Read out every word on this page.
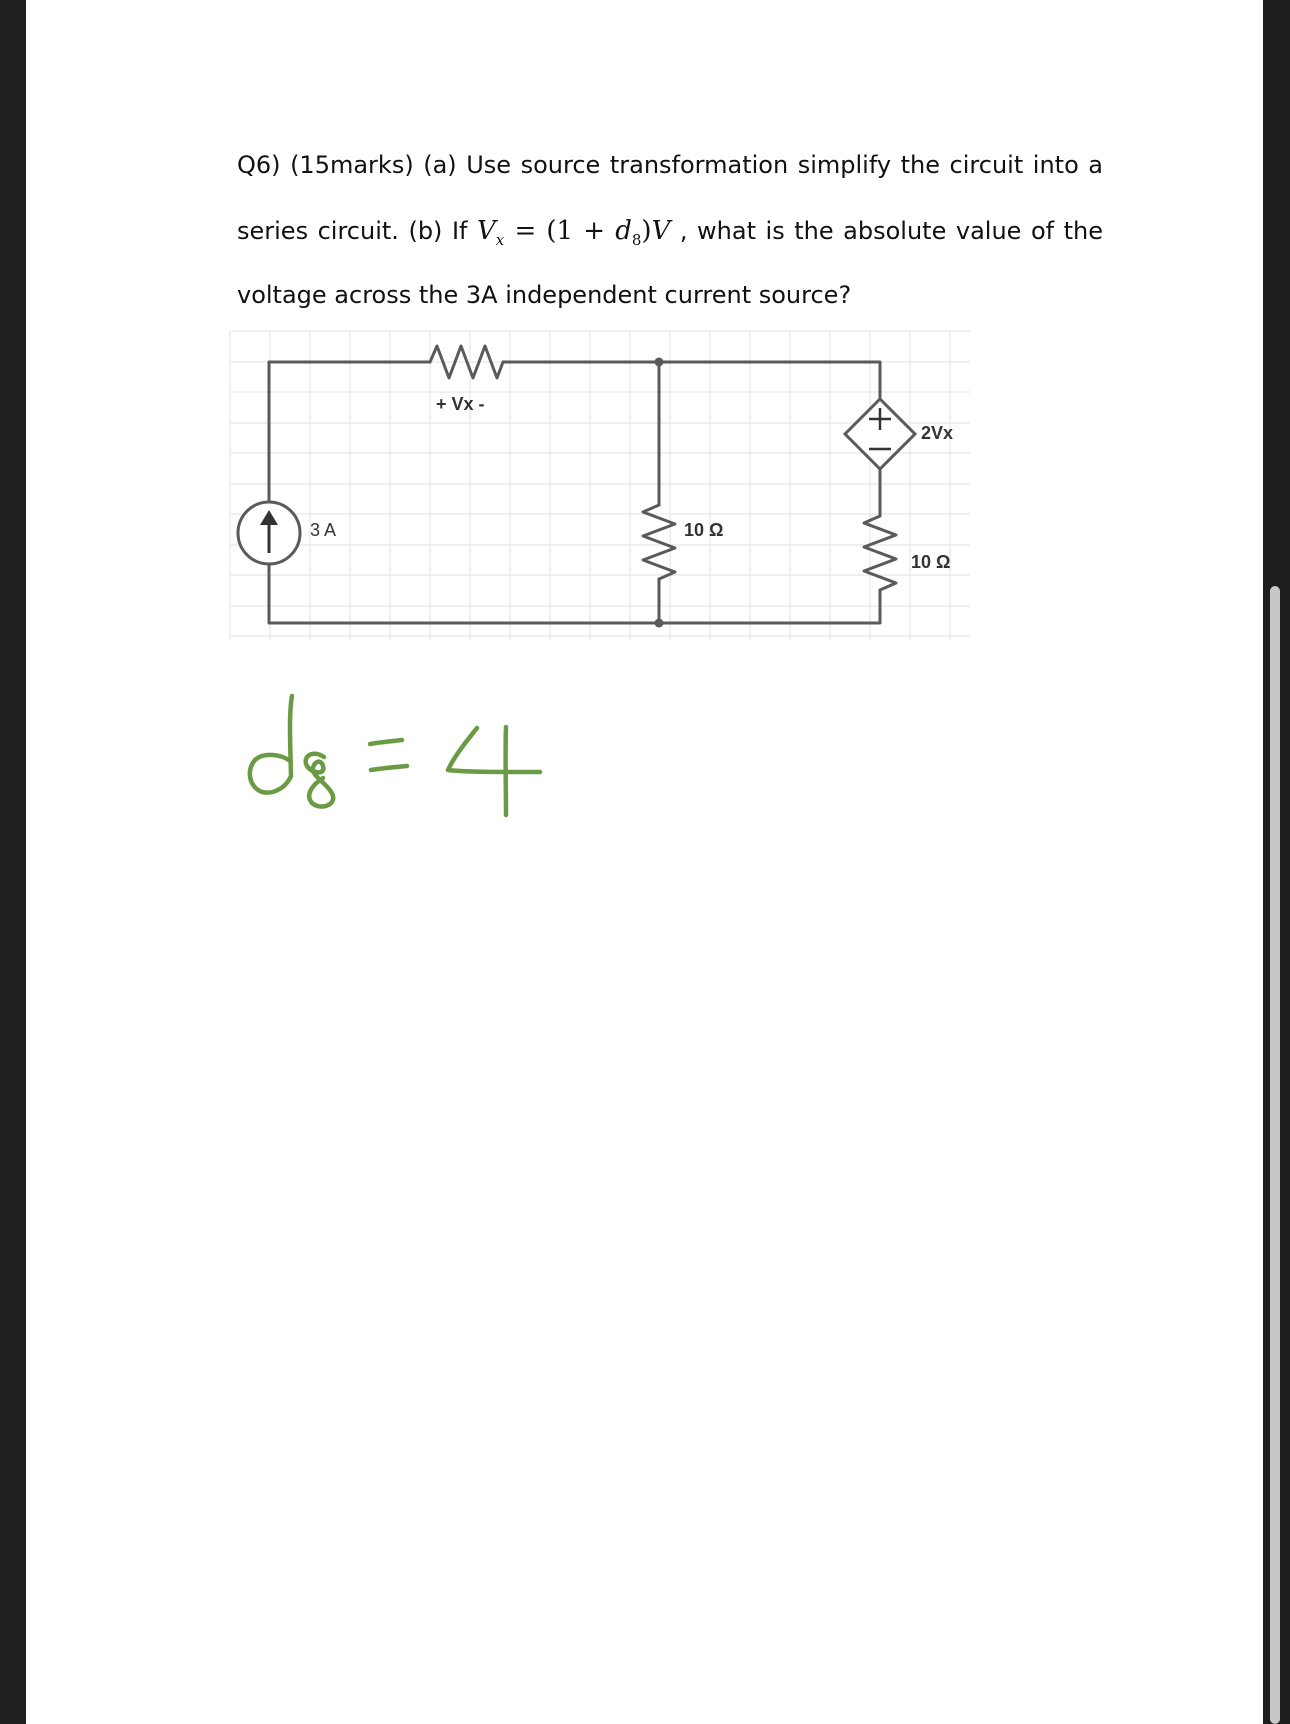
Q6) (15marks) (a) Use source transformation simplify the circuit into a
series circuit. (b) If $V_x = (1 + d_8)V$ , what is the absolute value of the
voltage across the 3A independent current source?
3 A
+ Vx -
10 Ω
2Vx
10 Ω
